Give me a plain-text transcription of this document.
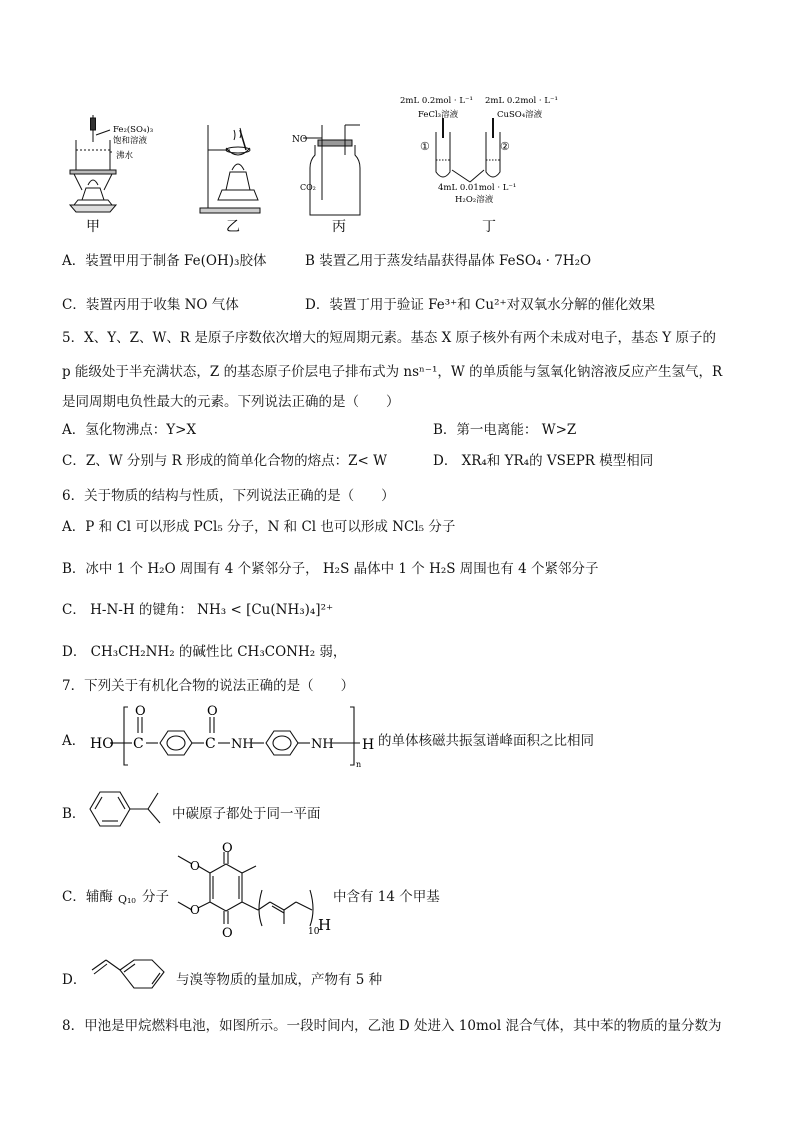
Fe₂(SO₄)₃
饱和溶液
沸水
NO
CO₂
2mL 0.2mol · L⁻¹
FeCl₃溶液
2mL 0.2mol · L⁻¹
CuSO₄溶液
①	②
4mL 0.01mol · L⁻¹
H₂O₂溶液
甲	乙	丙	丁
A．装置甲用于制备 Fe(OH)₃胶体	B 装置乙用于蒸发结晶获得晶体 FeSO₄ · 7H₂O
C．装置丙用于收集 NO 气体	D．装置丁用于验证 Fe³⁺和 Cu²⁺对双氧水分解的催化效果
5．X、Y、Z、W、R 是原子序数依次增大的短周期元素。基态 X 原子核外有两个未成对电子，基态 Y 原子的
p 能级处于半充满状态，Z 的基态原子价层电子排布式为 nsⁿ⁻¹，W 的单质能与氢氧化钠溶液反应产生氢气，R
是同周期电负性最大的元素。下列说法正确的是（　　）
A．氢化物沸点：Y>X	B．第一电离能： W>Z
C．Z、W 分别与 R 形成的简单化合物的熔点：Z< W	D． XR₄和 YR₄的 VSEPR 模型相同
6．关于物质的结构与性质，下列说法正确的是（　　）
A．P 和 Cl 可以形成 PCl₅ 分子，N 和 Cl 也可以形成 NCl₅ 分子
B．冰中 1 个 H₂O 周围有 4 个紧邻分子， H₂S 晶体中 1 个 H₂S 周围也有 4 个紧邻分子
C． H-N-H 的键角： NH₃ < [Cu(NH₃)₄]²⁺
D． CH₃CH₂NH₂ 的碱性比 CH₃CONH₂ 弱，
7．下列关于有机化合物的说法正确的是（　　）
A． HO C
O
C
O
NH	NH H
n
的单体核磁共振氢谱峰面积之比相同
B．	中碳原子都处于同一平面
C．辅酶 Q₁₀ 分子
O
O
O
O
10
H
中含有 14 个甲基
D．	与溴等物质的量加成，产物有 5 种
8．甲池是甲烷燃料电池，如图所示。一段时间内，乙池 D 处进入 10mol 混合气体，其中苯的物质的量分数为
